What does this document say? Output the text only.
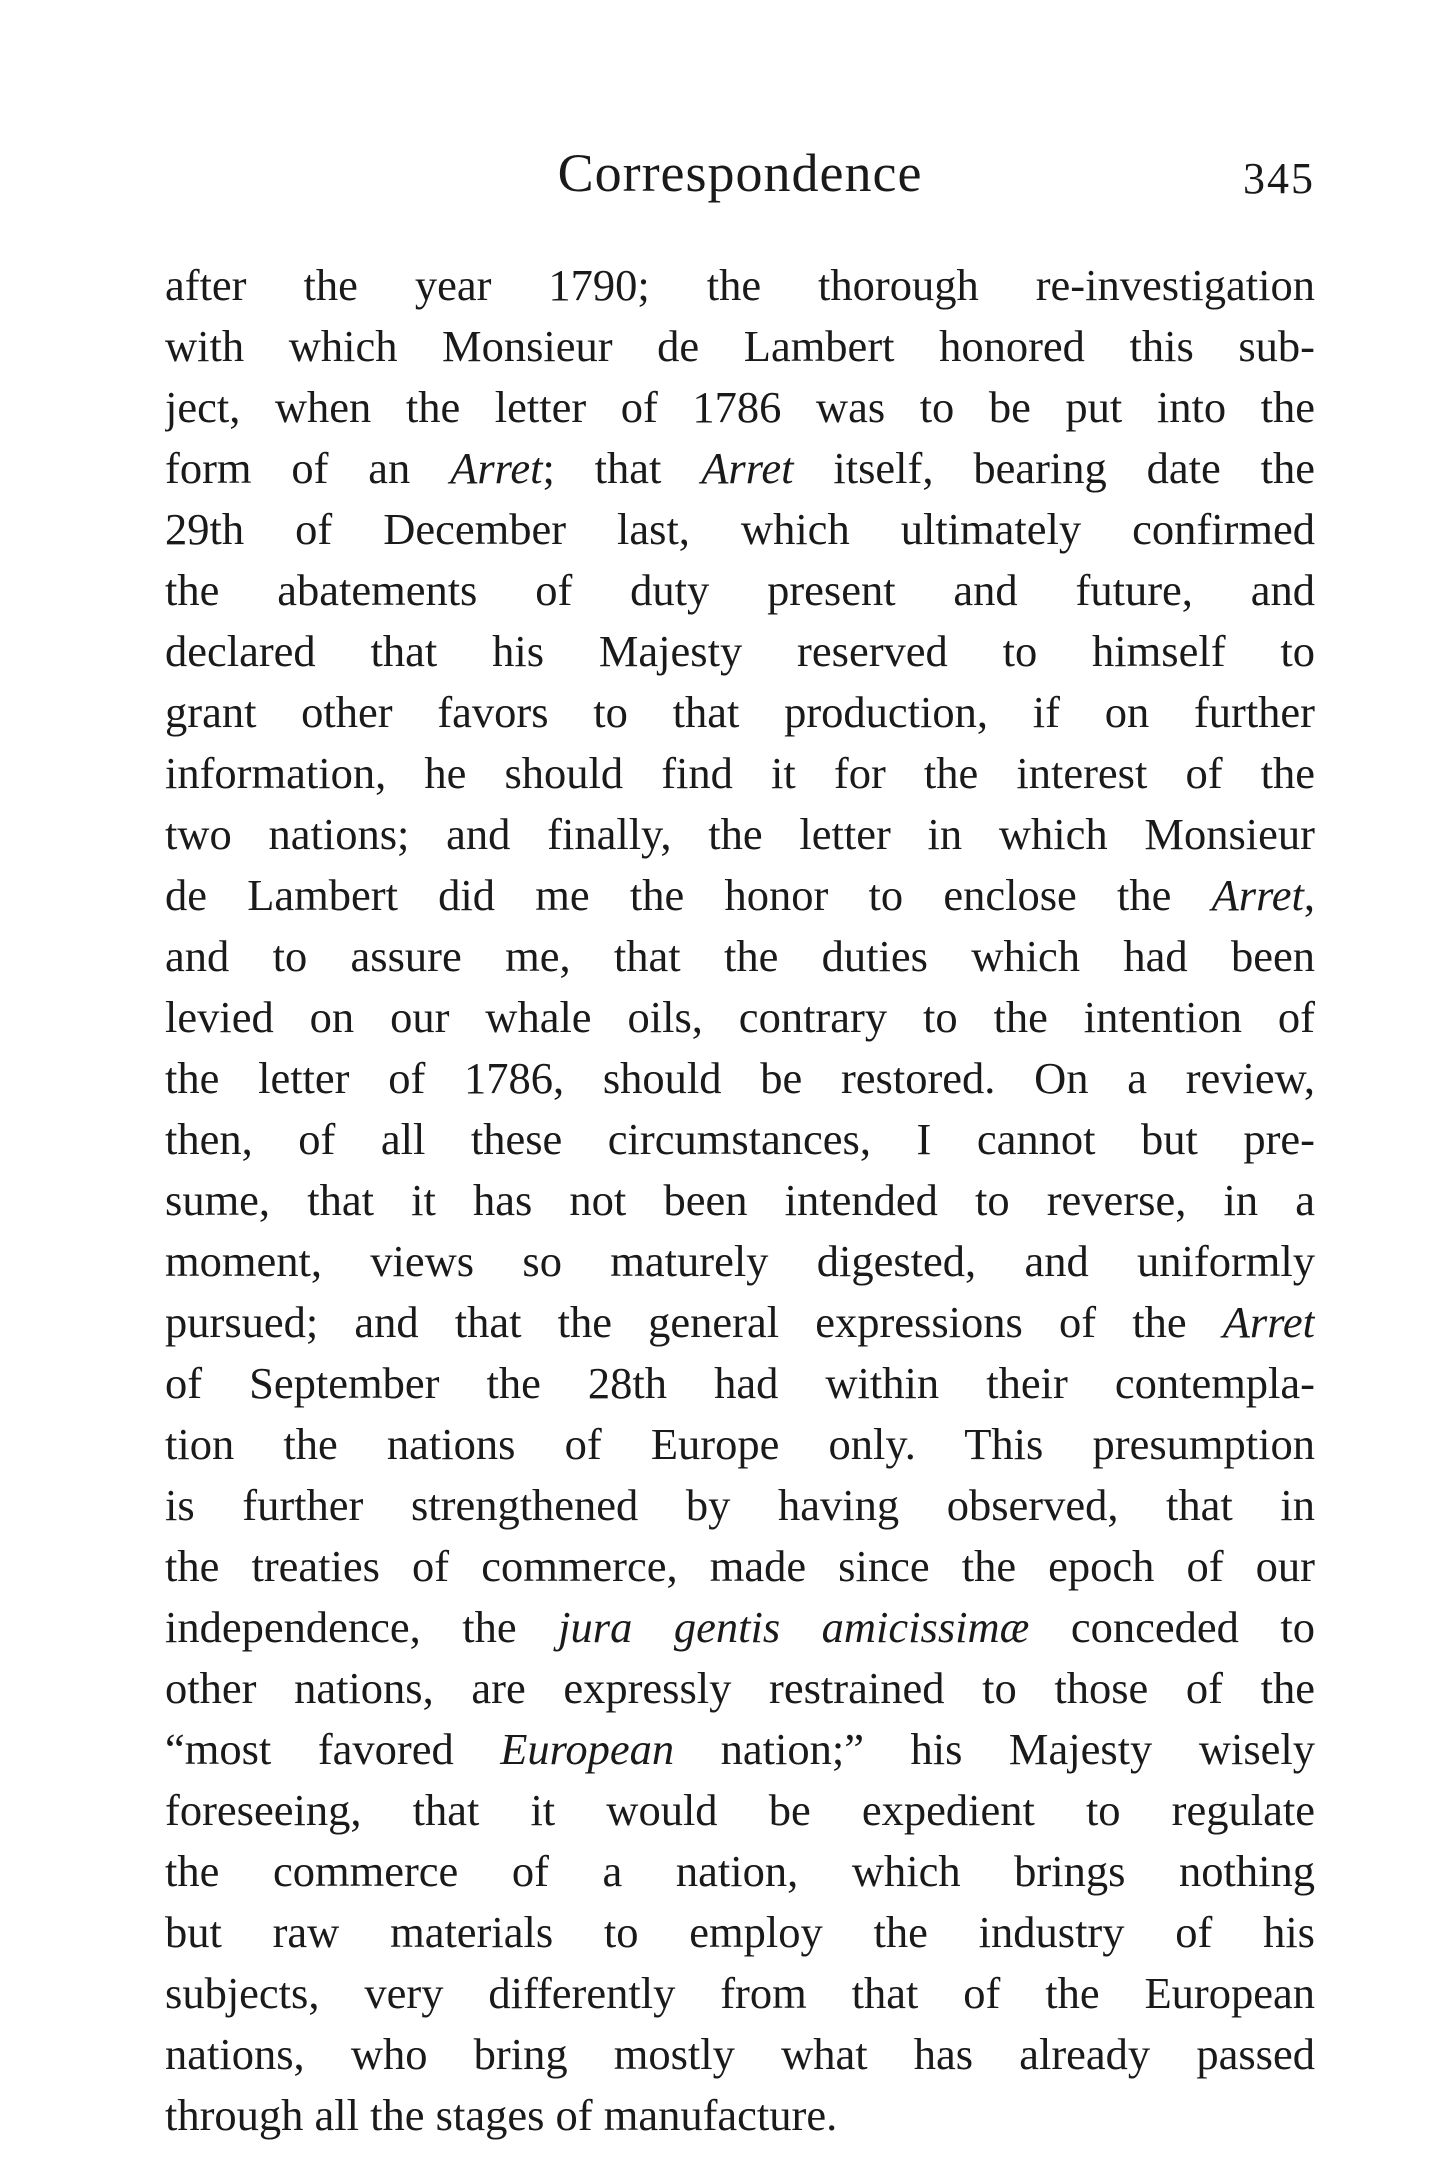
Correspondence	345
after the year 1790; the thorough re-investigation
with which Monsieur de Lambert honored this sub-
ject, when the letter of 1786 was to be put into the
form of an Arret; that Arret itself, bearing date the
29th of December last, which ultimately confirmed
the abatements of duty present and future, and
declared that his Majesty reserved to himself to
grant other favors to that production, if on further
information, he should find it for the interest of the
two nations; and finally, the letter in which Monsieur
de Lambert did me the honor to enclose the Arret,
and to assure me, that the duties which had been
levied on our whale oils, contrary to the intention of
the letter of 1786, should be restored. On a review,
then, of all these circumstances, I cannot but pre-
sume, that it has not been intended to reverse, in a
moment, views so maturely digested, and uniformly
pursued; and that the general expressions of the Arret
of September the 28th had within their contempla-
tion the nations of Europe only. This presumption
is further strengthened by having observed, that in
the treaties of commerce, made since the epoch of our
independence, the jura gentis amicissimæ conceded to
other nations, are expressly restrained to those of the
“most favored European nation;” his Majesty wisely
foreseeing, that it would be expedient to regulate
the commerce of a nation, which brings nothing
but raw materials to employ the industry of his
subjects, very differently from that of the European
nations, who bring mostly what has already passed
through all the stages of manufacture.
